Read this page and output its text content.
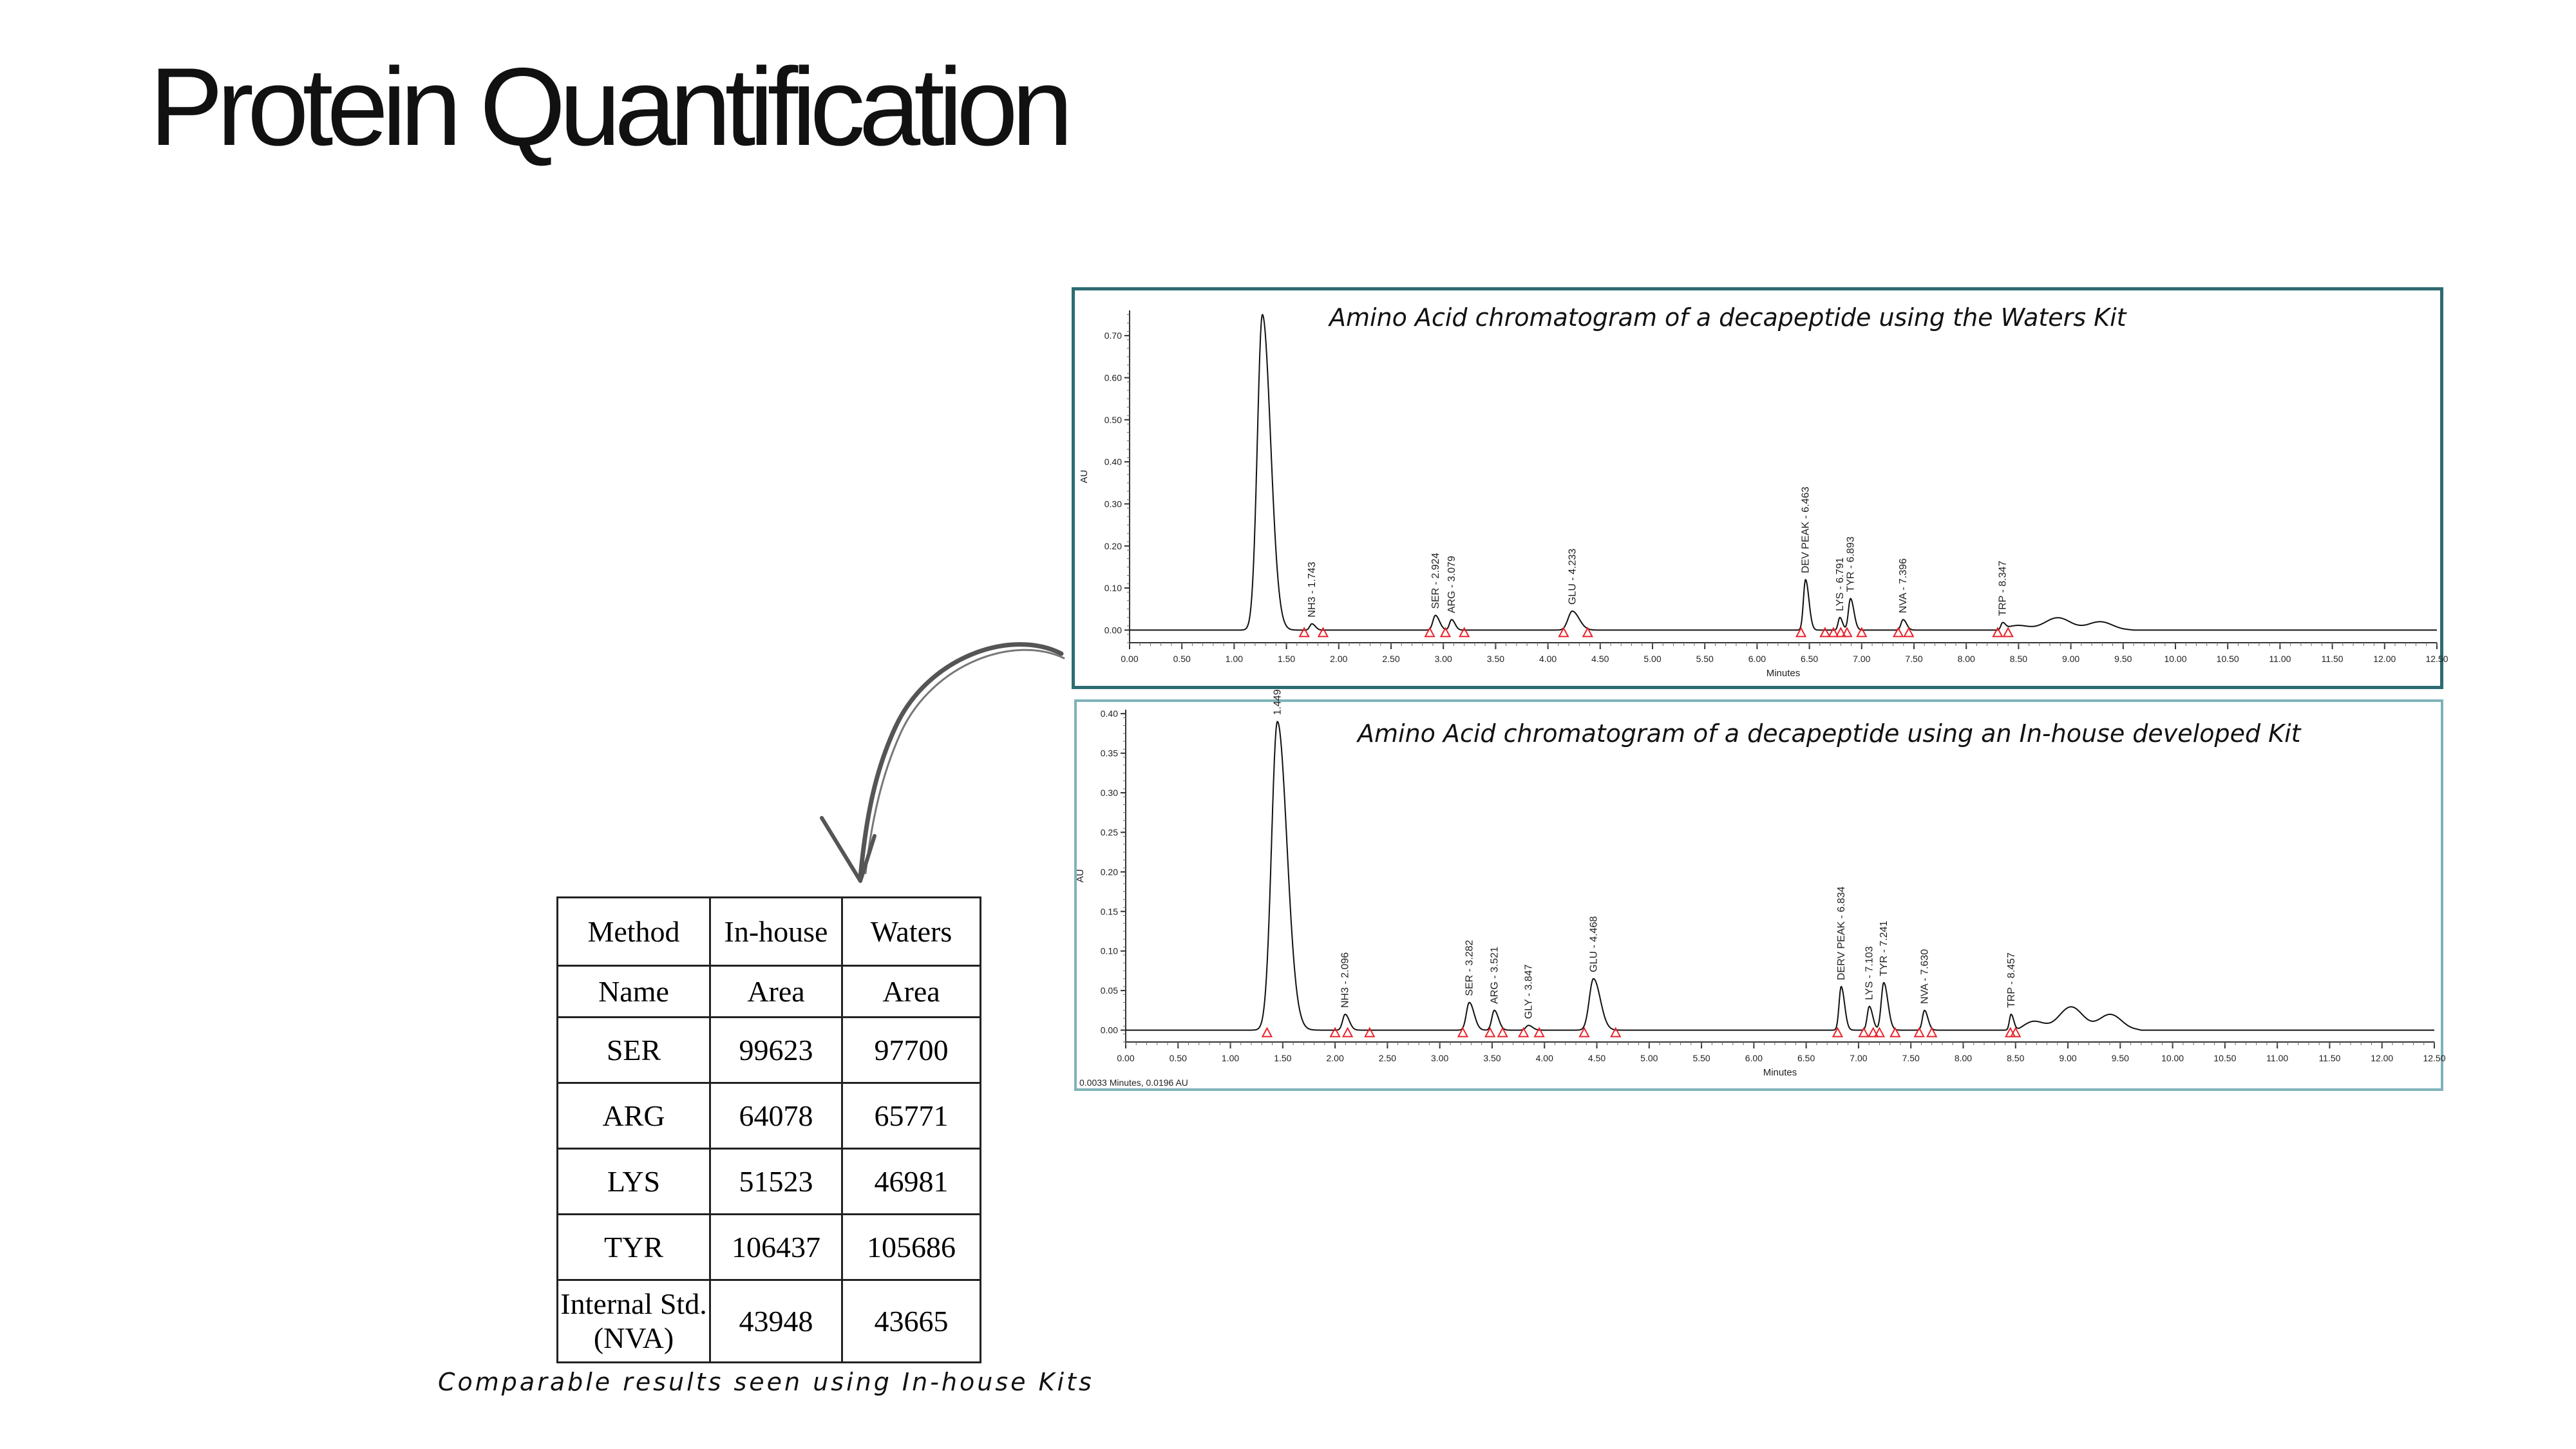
Protein Quantification
0.00
0.10
0.20
0.30
0.40
0.50
0.60
0.70
0.00	0.50	1.00	1.50	2.00	2.50	3.00	3.50	4.00	4.50	5.00	5.50	6.00	6.50	7.00	7.50	8.00	8.50	9.00	9.50	10.00	10.50	11.00	11.50	12.00	12.50
Minutes
AU
Amino Acid chromatogram of a decapeptide using the Waters Kit
NH3 - 1.743	SER - 2.924 ARG - 3.079	GLU - 4.233
DEV PEAK - 6.463
LYS - 6.791 TYR - 6.893	NVA - 7.396	TRP - 8.347
0.00
0.05
0.10
0.15
0.20
0.25
0.30
0.35
0.40
0.00	0.50	1.00	1.50	2.00	2.50	3.00	3.50	4.00	4.50	5.00	5.50	6.00	6.50	7.00	7.50	8.00	8.50	9.00	9.50	10.00	10.50	11.00	11.50	12.00	12.50
Minutes
AU
Amino Acid chromatogram of a decapeptide using an In-house developed Kit
1.449
NH3 - 2.096	SER - 3.282 ARG - 3.521 GLY - 3.847
GLU - 4.468	DERV PEAK - 6.834 LYS - 7.103 TYR - 7.241
NVA - 7.630	TRP - 8.457
0.0033 Minutes, 0.0196 AU
Method	In-house	Waters
Name	Area	Area
SER	99623	97700
ARG	64078	65771
LYS	51523	46981
TYR	106437	105686
Internal Std.
(NVA)	43948	43665
Comparable results seen using In-house Kits
